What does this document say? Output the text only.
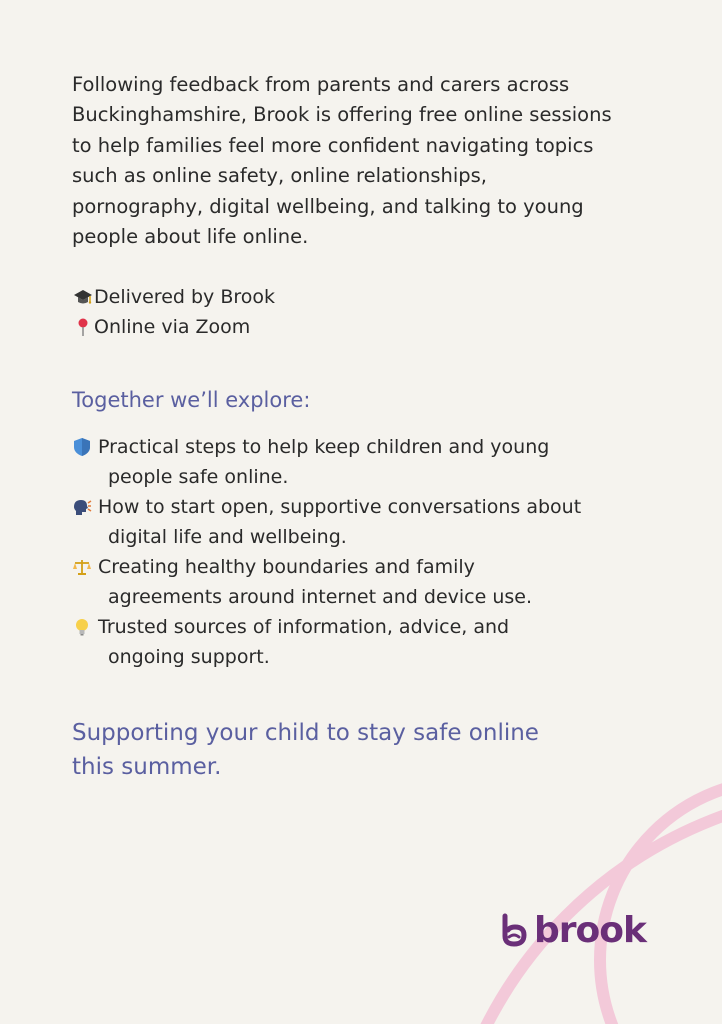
Following feedback from parents and carers across

Buckinghamshire, Brook is offering free online sessions

to help families feel more confident navigating topics

such as online safety, online relationships,

pornography, digital wellbeing, and talking to young

people about life online.

Delivered by Brook
Online via Zoom
Together we’ll explore:
Practical steps to help keep children and young
people safe online.
How to start open, supportive conversations about
digital life and wellbeing.
Creating healthy boundaries and family
agreements around internet and device use.
Trusted sources of information, advice, and
ongoing support.
Supporting your child to stay safe online
this summer.
brook
